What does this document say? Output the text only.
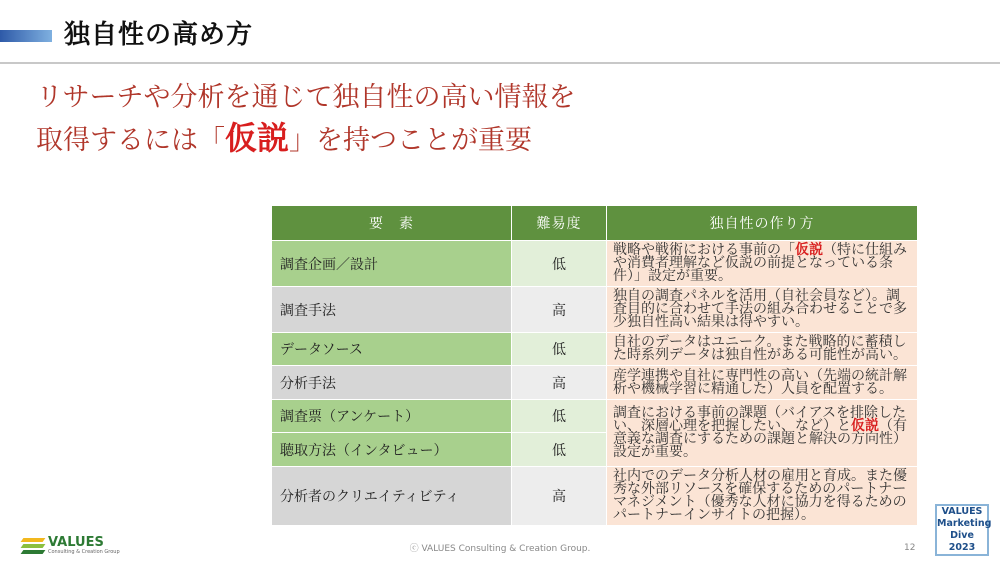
独自性の高め方
リサーチや分析を通じて独自性の高い情報を
取得するには「仮説」を持つことが重要
要　素	難易度	独自性の作り方
調査企画／設計	低	戦略や戦術における事前の「仮説（特に仕組みや消費者理解など仮説の前提となっている条件）」設定が重要。
調査手法	高	独自の調査パネルを活用（自社会員など）。調査目的に合わせて手法の組み合わせることで多少独自性高い結果は得やすい。
データソース	低	自社のデータはユニーク。また戦略的に蓄積した時系列データは独自性がある可能性が高い。
分析手法	高	産学連携や自社に専門性の高い（先端の統計解析や機械学習に精通した）人員を配置する。
調査票（アンケート）	低	調査における事前の課題（バイアスを排除したい、深層心理を把握したい、など）と仮説（有意義な調査にするための課題と解決の方向性）設定が重要。
聴取方法（インタビュー）	低	
分析者のクリエイティビティ	高	社内でのデータ分析人材の雇用と育成。また優秀な外部リソースを確保するためのパートナーマネジメント（優秀な人材に協力を得るためのパートナーインサイトの把握）。
VALUES
Consulting & Creation Group	ⓒ VALUES Consulting & Creation Group.	12
VALUES
Marketing
Dive 2023
